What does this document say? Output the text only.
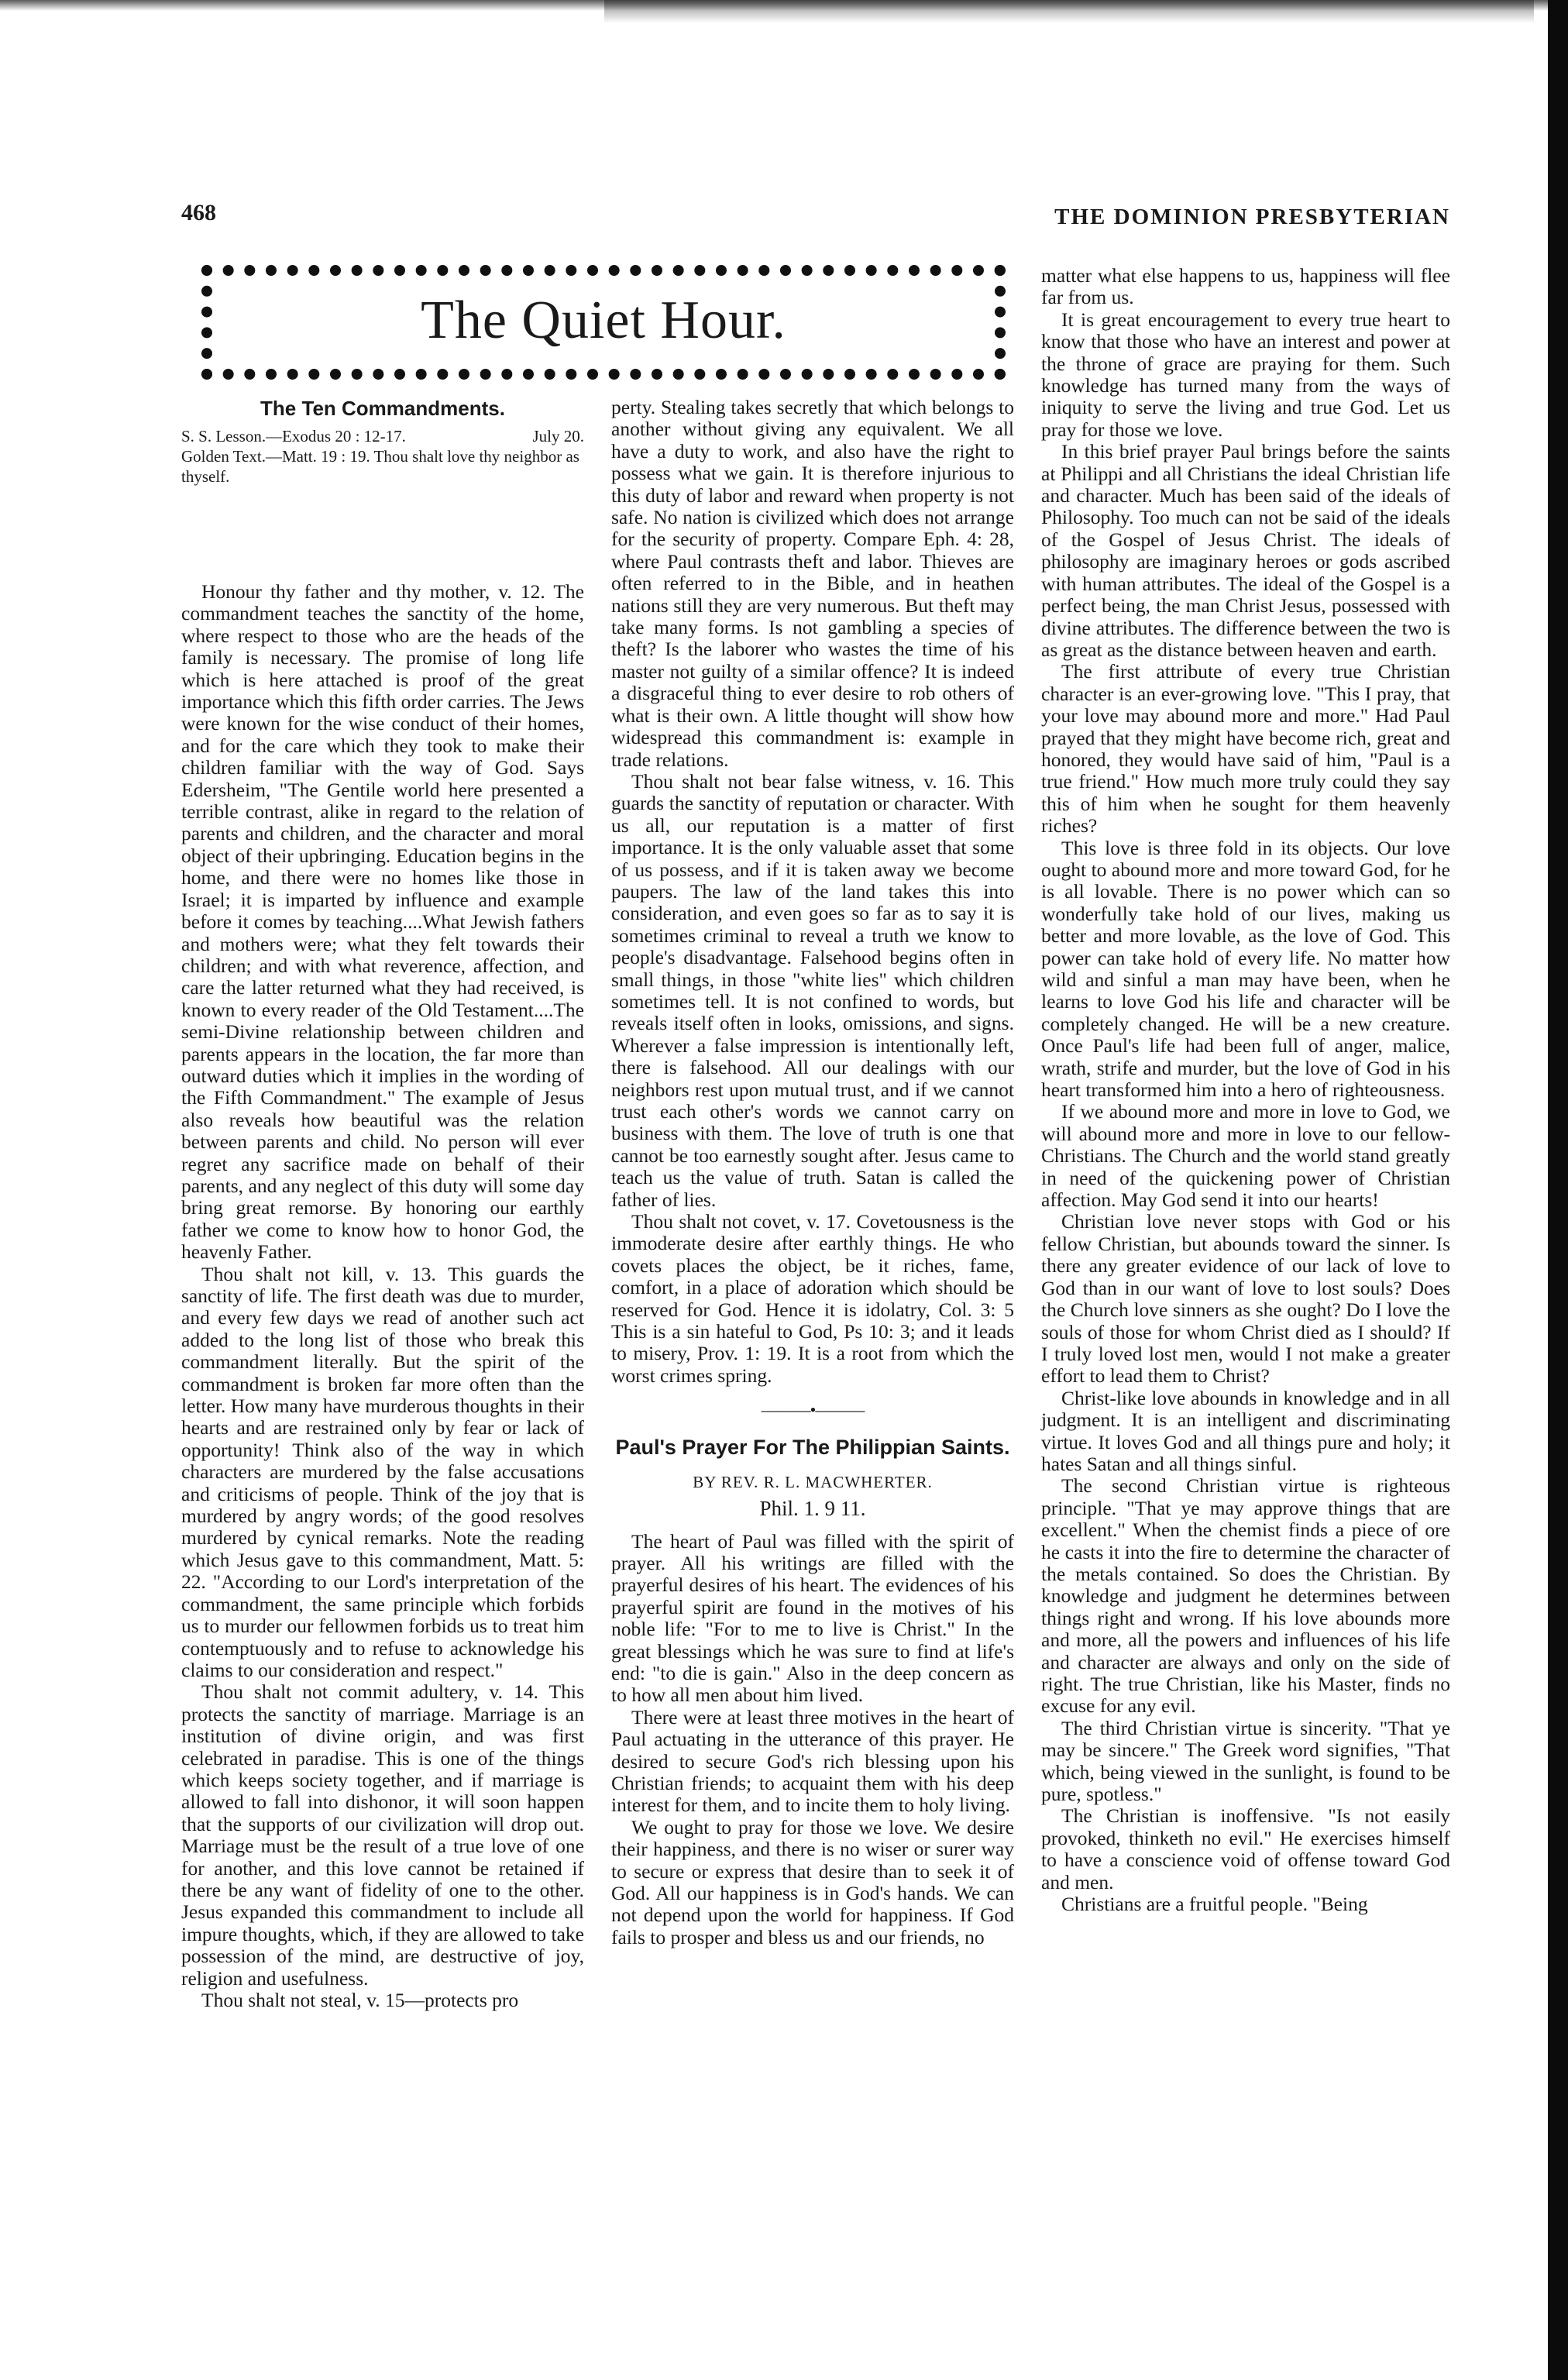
468	THE DOMINION PRESBYTERIAN
The Quiet Hour.
The Ten Commandments.
S. S. Lesson.—Exodus 20 : 12-17.	July 20.
Golden Text.—Matt. 19 : 19. Thou shalt love thy neighbor as thyself.

Honour thy father and thy mother, v. 12. The commandment teaches the sanctity of the home, where respect to those who are the heads of the family is necessary. The promise of long life which is here attached is proof of the great importance which this fifth order carries. The Jews were known for the wise conduct of their homes, and for the care which they took to make their children familiar with the way of God. Says Edersheim, "The Gentile world here presented a terrible contrast, alike in regard to the relation of parents and children, and the character and moral object of their upbringing. Education begins in the home, and there were no homes like those in Israel; it is imparted by influence and example before it comes by teaching....What Jewish fathers and mothers were; what they felt towards their children; and with what reverence, affection, and care the latter returned what they had received, is known to every reader of the Old Testament....The semi-Divine relationship between children and parents appears in the location, the far more than outward duties which it implies in the wording of the Fifth Commandment." The example of Jesus also reveals how beautiful was the relation between parents and child. No person will ever regret any sacrifice made on behalf of their parents, and any neglect of this duty will some day bring great remorse. By honoring our earthly father we come to know how to honor God, the heavenly Father.

Thou shalt not kill, v. 13. This guards the sanctity of life. The first death was due to murder, and every few days we read of another such act added to the long list of those who break this commandment literally. But the spirit of the commandment is broken far more often than the letter. How many have murderous thoughts in their hearts and are restrained only by fear or lack of opportunity! Think also of the way in which characters are murdered by the false accusations and criticisms of people. Think of the joy that is murdered by angry words; of the good resolves murdered by cynical remarks. Note the reading which Jesus gave to this commandment, Matt. 5: 22. "According to our Lord's interpretation of the commandment, the same principle which forbids us to murder our fellowmen forbids us to treat him contemptuously and to refuse to acknowledge his claims to our consideration and respect."

Thou shalt not commit adultery, v. 14. This protects the sanctity of marriage. Marriage is an institution of divine origin, and was first celebrated in paradise. This is one of the things which keeps society together, and if marriage is allowed to fall into dishonor, it will soon happen that the supports of our civilization will drop out. Marriage must be the result of a true love of one for another, and this love cannot be retained if there be any want of fidelity of one to the other. Jesus expanded this commandment to include all impure thoughts, which, if they are allowed to take possession of the mind, are destructive of joy, religion and usefulness.

Thou shalt not steal, v. 15—protects pro

perty. Stealing takes secretly that which belongs to another without giving any equivalent. We all have a duty to work, and also have the right to possess what we gain. It is therefore injurious to this duty of labor and reward when property is not safe. No nation is civilized which does not arrange for the security of property. Compare Eph. 4: 28, where Paul contrasts theft and labor. Thieves are often referred to in the Bible, and in heathen nations still they are very numerous. But theft may take many forms. Is not gambling a species of theft? Is the laborer who wastes the time of his master not guilty of a similar offence? It is indeed a disgraceful thing to ever desire to rob others of what is their own. A little thought will show how widespread this commandment is: example in trade relations.

Thou shalt not bear false witness, v. 16. This guards the sanctity of reputation or character. With us all, our reputation is a matter of first importance. It is the only valuable asset that some of us possess, and if it is taken away we become paupers. The law of the land takes this into consideration, and even goes so far as to say it is sometimes criminal to reveal a truth we know to people's disadvantage. Falsehood begins often in small things, in those "white lies" which children sometimes tell. It is not confined to words, but reveals itself often in looks, omissions, and signs. Wherever a false impression is intentionally left, there is falsehood. All our dealings with our neighbors rest upon mutual trust, and if we cannot trust each other's words we cannot carry on business with them. The love of truth is one that cannot be too earnestly sought after. Jesus came to teach us the value of truth. Satan is called the father of lies.

Thou shalt not covet, v. 17. Covetousness is the immoderate desire after earthly things. He who covets places the object, be it riches, fame, comfort, in a place of adoration which should be reserved for God. Hence it is idolatry, Col. 3: 5 This is a sin hateful to God, Ps 10: 3; and it leads to misery, Prov. 1: 19. It is a root from which the worst crimes spring.

———•———
Paul's Prayer For The Philippian Saints.
BY REV. R. L. MACWHERTER.
Phil. 1. 9 11.

The heart of Paul was filled with the spirit of prayer. All his writings are filled with the prayerful desires of his heart. The evidences of his prayerful spirit are found in the motives of his noble life: "For to me to live is Christ." In the great blessings which he was sure to find at life's end: "to die is gain." Also in the deep concern as to how all men about him lived.

There were at least three motives in the heart of Paul actuating in the utterance of this prayer. He desired to secure God's rich blessing upon his Christian friends; to acquaint them with his deep interest for them, and to incite them to holy living.

We ought to pray for those we love. We desire their happiness, and there is no wiser or surer way to secure or express that desire than to seek it of God. All our happiness is in God's hands. We can not depend upon the world for happiness. If God fails to prosper and bless us and our friends, no

matter what else happens to us, happiness will flee far from us.

It is great encouragement to every true heart to know that those who have an interest and power at the throne of grace are praying for them. Such knowledge has turned many from the ways of iniquity to serve the living and true God. Let us pray for those we love.

In this brief prayer Paul brings before the saints at Philippi and all Christians the ideal Christian life and character. Much has been said of the ideals of Philosophy. Too much can not be said of the ideals of the Gospel of Jesus Christ. The ideals of philosophy are imaginary heroes or gods ascribed with human attributes. The ideal of the Gospel is a perfect being, the man Christ Jesus, possessed with divine attributes. The difference between the two is as great as the distance between heaven and earth.

The first attribute of every true Christian character is an ever-growing love. "This I pray, that your love may abound more and more." Had Paul prayed that they might have become rich, great and honored, they would have said of him, "Paul is a true friend." How much more truly could they say this of him when he sought for them heavenly riches?

This love is three fold in its objects. Our love ought to abound more and more toward God, for he is all lovable. There is no power which can so wonderfully take hold of our lives, making us better and more lovable, as the love of God. This power can take hold of every life. No matter how wild and sinful a man may have been, when he learns to love God his life and character will be completely changed. He will be a new creature. Once Paul's life had been full of anger, malice, wrath, strife and murder, but the love of God in his heart transformed him into a hero of righteousness.

If we abound more and more in love to God, we will abound more and more in love to our fellow-Christians. The Church and the world stand greatly in need of the quickening power of Christian affection. May God send it into our hearts!

Christian love never stops with God or his fellow Christian, but abounds toward the sinner. Is there any greater evidence of our lack of love to God than in our want of love to lost souls? Does the Church love sinners as she ought? Do I love the souls of those for whom Christ died as I should? If I truly loved lost men, would I not make a greater effort to lead them to Christ?

Christ-like love abounds in knowledge and in all judgment. It is an intelligent and discriminating virtue. It loves God and all things pure and holy; it hates Satan and all things sinful.

The second Christian virtue is righteous principle. "That ye may approve things that are excellent." When the chemist finds a piece of ore he casts it into the fire to determine the character of the metals contained. So does the Christian. By knowledge and judgment he determines between things right and wrong. If his love abounds more and more, all the powers and influences of his life and character are always and only on the side of right. The true Christian, like his Master, finds no excuse for any evil.

The third Christian virtue is sincerity. "That ye may be sincere." The Greek word signifies, "That which, being viewed in the sunlight, is found to be pure, spotless."

The Christian is inoffensive. "Is not easily provoked, thinketh no evil." He exercises himself to have a conscience void of offense toward God and men.

Christians are a fruitful people. "Being
